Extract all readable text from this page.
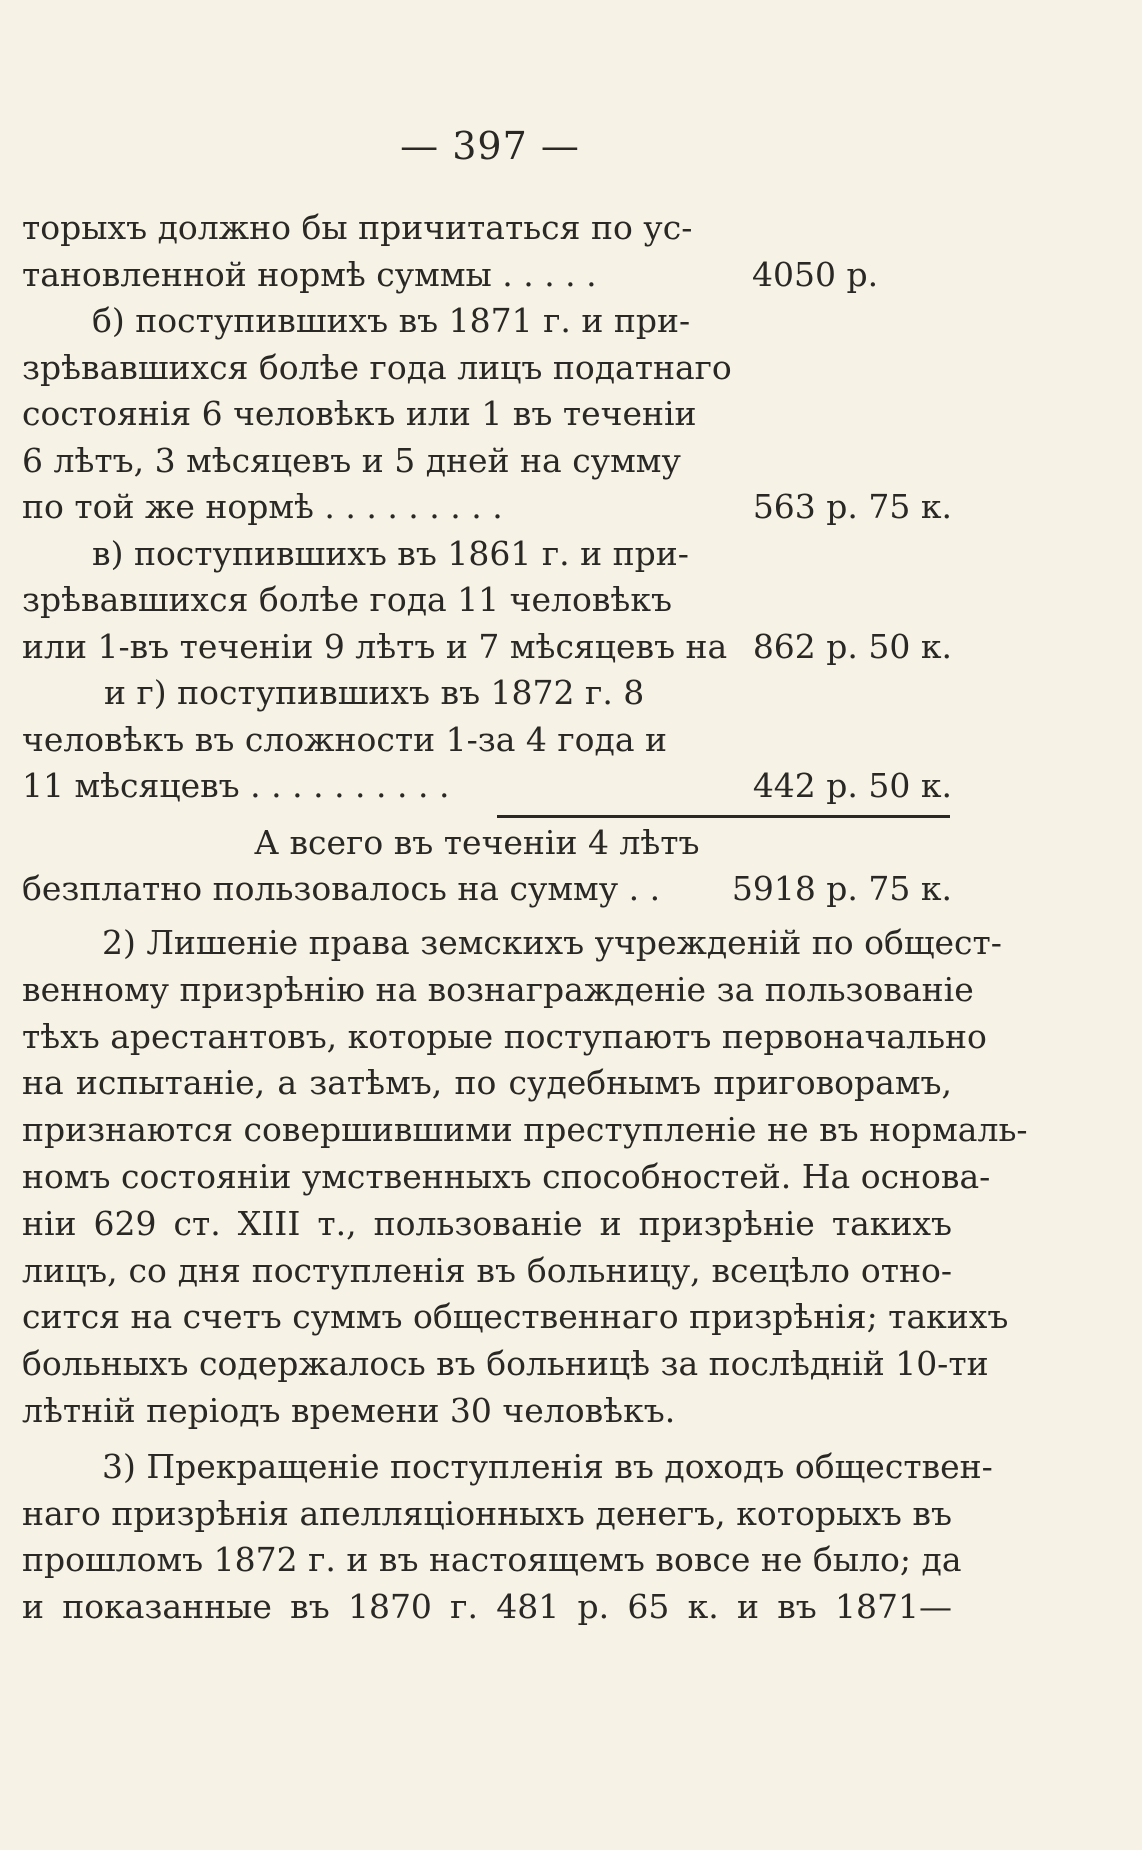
— 397 —
торыхъ должно бы причитаться по ус-
тановленной нормѣ суммы . . . . .	4050 р.
б) поступившихъ въ 1871 г. и при-
зрѣвавшихся болѣе года лицъ податнаго
состоянія 6 человѣкъ или 1 въ теченіи
6 лѣтъ, 3 мѣсяцевъ и 5 дней на сумму
по той же нормѣ . . . . . . . . .	563 р. 75 к.
в) поступившихъ въ 1861 г. и при-
зрѣвавшихся болѣе года 11 человѣкъ
или 1-въ теченіи 9 лѣтъ и 7 мѣсяцевъ на 862 р. 50 к.
и г) поступившихъ въ 1872 г. 8
человѣкъ въ сложности 1-за 4 года и
11 мѣсяцевъ . . . . . . . . . .	442 р. 50 к.
А всего въ теченіи 4 лѣтъ
безплатно пользовалось на сумму . .	5918 р. 75 к.

2) Лишеніе права земскихъ учрежденій по общест-
венному призрѣнію на вознагражденіе за пользованіе
тѣхъ арестантовъ, которые поступаютъ первоначально
на испытаніе, а затѣмъ, по судебнымъ приговорамъ,
признаются совершившими преступленіе не въ нормаль-
номъ состояніи умственныхъ способностей. На основа-
ніи 629 ст. XIII т., пользованіе и призрѣніе такихъ
лицъ, со дня поступленія въ больницу, всецѣло отно-
сится на счетъ суммъ общественнаго призрѣнія; такихъ
больныхъ содержалось въ больницѣ за послѣдній 10-ти
лѣтній періодъ времени 30 человѣкъ.

3) Прекращеніе поступленія въ доходъ обществен-
наго призрѣнія апелляціонныхъ денегъ, которыхъ въ
прошломъ 1872 г. и въ настоящемъ вовсе не было; да
и показанные въ 1870 г. 481 р. 65 к. и въ 1871—
